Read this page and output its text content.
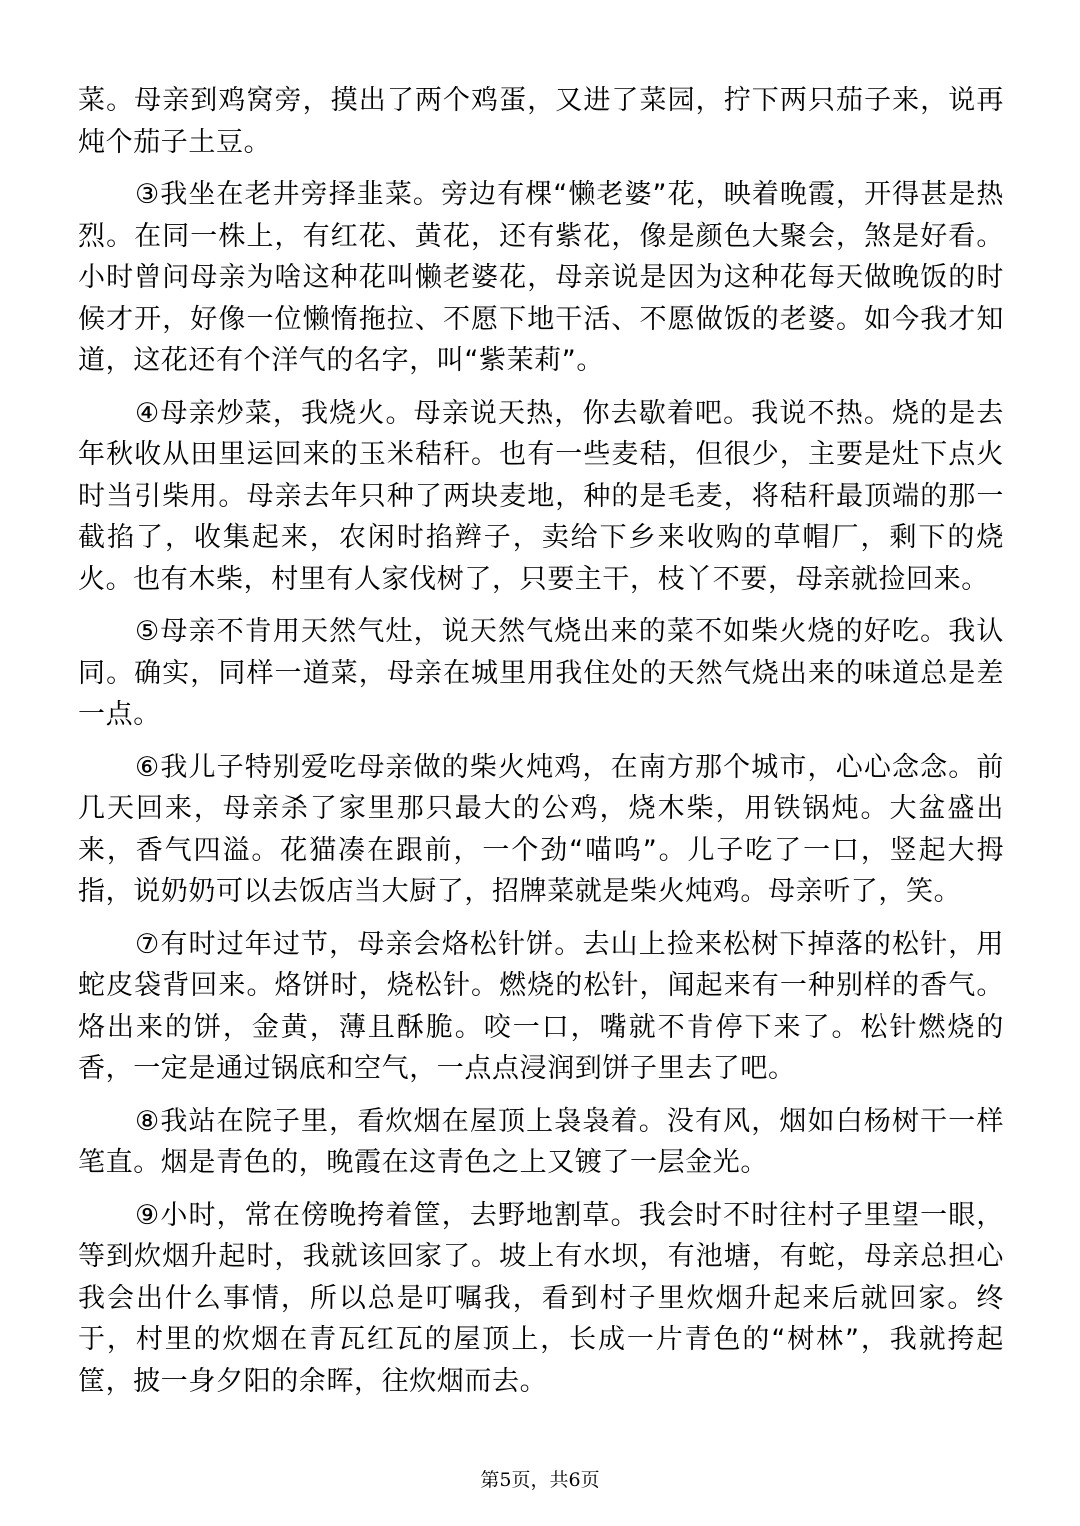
菜。母亲到鸡窝旁，摸出了两个鸡蛋，又进了菜园，拧下两只茄子来，说再炖个茄子土豆。

③我坐在老井旁择韭菜。旁边有棵“懒老婆”花，映着晚霞，开得甚是热烈。在同一株上，有红花、黄花，还有紫花，像是颜色大聚会，煞是好看。小时曾问母亲为啥这种花叫懒老婆花，母亲说是因为这种花每天做晚饭的时候才开，好像一位懒惰拖拉、不愿下地干活、不愿做饭的老婆。如今我才知道，这花还有个洋气的名字，叫“紫茉莉”。

④母亲炒菜，我烧火。母亲说天热，你去歇着吧。我说不热。烧的是去年秋收从田里运回来的玉米秸秆。也有一些麦秸，但很少，主要是灶下点火时当引柴用。母亲去年只种了两块麦地，种的是毛麦，将秸秆最顶端的那一截掐了，收集起来，农闲时掐辫子，卖给下乡来收购的草帽厂，剩下的烧火。也有木柴，村里有人家伐树了，只要主干，枝丫不要，母亲就捡回来。

⑤母亲不肯用天然气灶，说天然气烧出来的菜不如柴火烧的好吃。我认同。确实，同样一道菜，母亲在城里用我住处的天然气烧出来的味道总是差一点。

⑥我儿子特别爱吃母亲做的柴火炖鸡，在南方那个城市，心心念念。前几天回来，母亲杀了家里那只最大的公鸡，烧木柴，用铁锅炖。大盆盛出来，香气四溢。花猫凑在跟前，一个劲“喵呜”。儿子吃了一口，竖起大拇指，说奶奶可以去饭店当大厨了，招牌菜就是柴火炖鸡。母亲听了，笑。

⑦有时过年过节，母亲会烙松针饼。去山上捡来松树下掉落的松针，用蛇皮袋背回来。烙饼时，烧松针。燃烧的松针，闻起来有一种别样的香气。烙出来的饼，金黄，薄且酥脆。咬一口，嘴就不肯停下来了。松针燃烧的香，一定是通过锅底和空气，一点点浸润到饼子里去了吧。

⑧我站在院子里，看炊烟在屋顶上袅袅着。没有风，烟如白杨树干一样笔直。烟是青色的，晚霞在这青色之上又镀了一层金光。

⑨小时，常在傍晚挎着筐，去野地割草。我会时不时往村子里望一眼，等到炊烟升起时，我就该回家了。坡上有水坝，有池塘，有蛇，母亲总担心我会出什么事情，所以总是叮嘱我，看到村子里炊烟升起来后就回家。终于，村里的炊烟在青瓦红瓦的屋顶上，长成一片青色的“树林”，我就挎起筐，披一身夕阳的余晖，往炊烟而去。

第5页，共6页
